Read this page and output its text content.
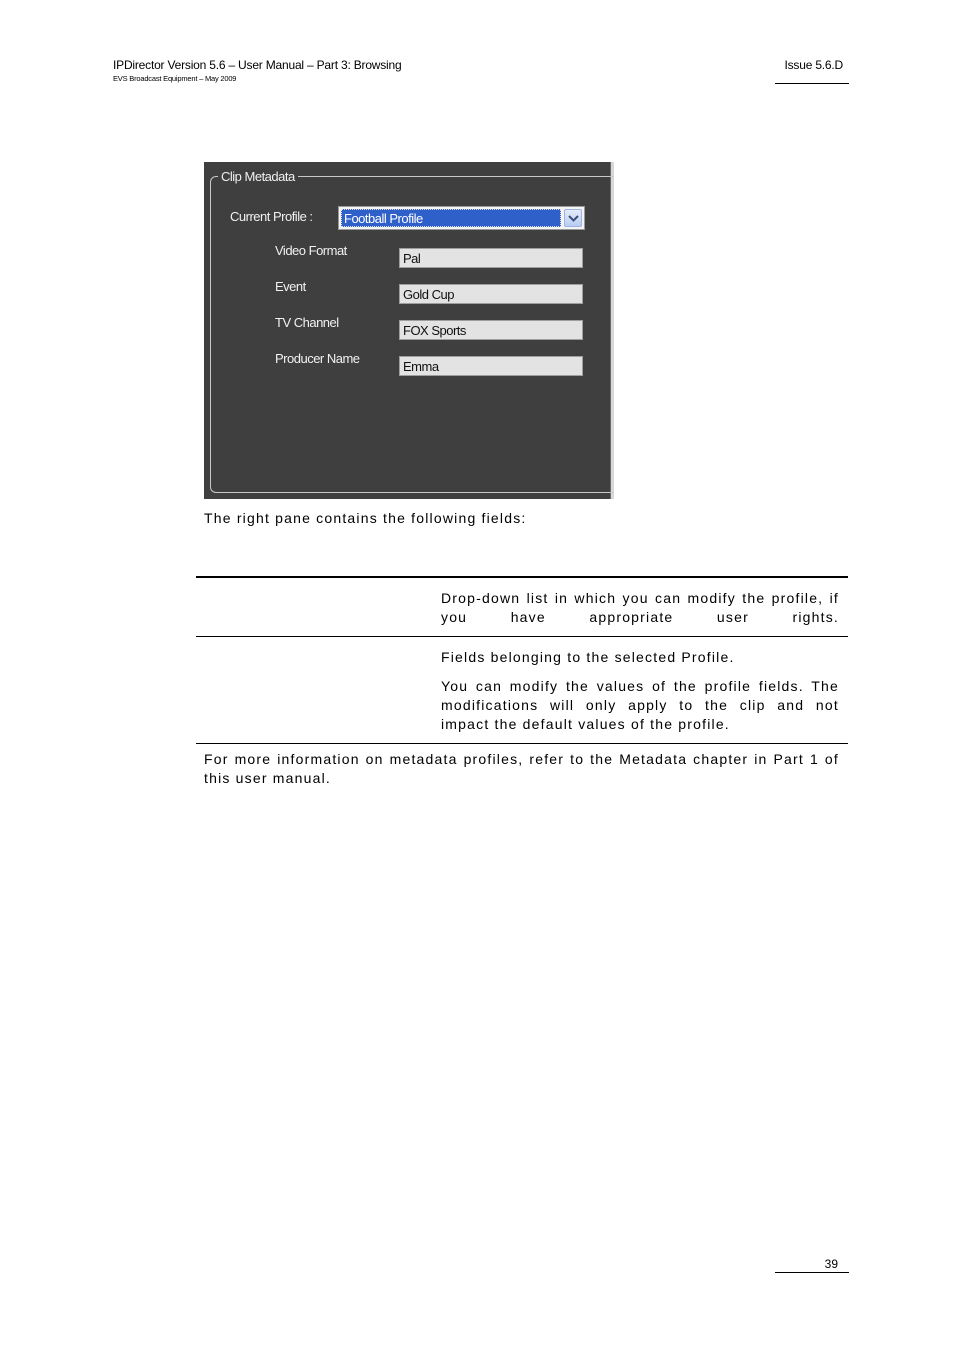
IPDirector Version 5.6 – User Manual – Part 3: Browsing
EVS Broadcast Equipment – May 2009
Issue 5.6.D
Clip Metadata
Current Profile : Football Profile
Video Format
Pal
Event
Gold Cup
TV Channel
FOX Sports
Producer Name
Emma
The right pane contains the following fields:
Drop-down list in which you can modify the profile, if you have appropriate user rights.
Fields belonging to the selected Profile.
You can modify the values of the profile fields. The modifications will only apply to the clip and not impact the default values of the profile.
For more information on metadata profiles, refer to the Metadata chapter in Part 1 of this user manual.
39
